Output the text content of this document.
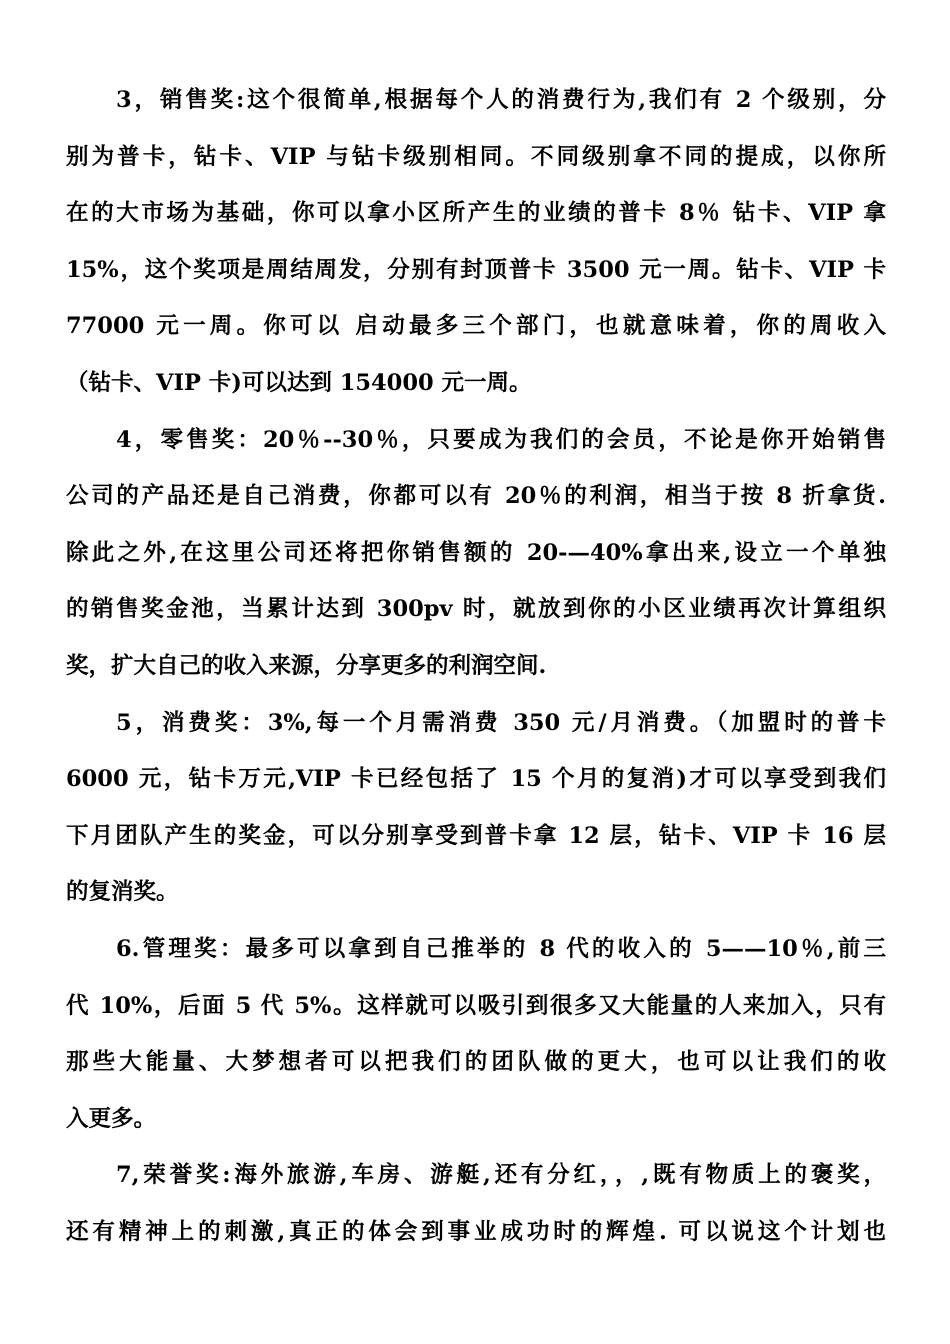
3，销售奖:这个很简单,根据每个人的消费行为,我们有 2 个级别，分
别为普卡，钻卡、VIP 与钻卡级别相同。不同级别拿不同的提成，以你所
在的大市场为基础，你可以拿小区所产生的业绩的普卡 8％ 钻卡、VIP 拿
15%，这个奖项是周结周发，分别有封顶普卡 3500 元一周。钻卡、VIP 卡
77000 元一周。你可以 启动最多三个部门，也就意味着，你的周收入
（钻卡、VIP 卡)可以达到 154000 元一周。
4，零售奖：20％--30％，只要成为我们的会员，不论是你开始销售
公司的产品还是自己消费，你都可以有 20％的利润，相当于按 8 折拿货.
除此之外,在这里公司还将把你销售额的 20-—40%拿出来,设立一个单独
的销售奖金池，当累计达到 300pv 时，就放到你的小区业绩再次计算组织
奖，扩大自己的收入来源，分享更多的利润空间.
5，消费奖：3%,每一个月需消费 350 元/月消费。（加盟时的普卡
6000 元，钻卡万元,VIP 卡已经包括了 15 个月的复消)才可以享受到我们
下月团队产生的奖金，可以分别享受到普卡拿 12 层，钻卡、VIP 卡 16 层
的复消奖。
6.管理奖：最多可以拿到自己推举的 8 代的收入的 5——10％,前三
代 10%，后面 5 代 5%。这样就可以吸引到很多又大能量的人来加入，只有
那些大能量、大梦想者可以把我们的团队做的更大，也可以让我们的收
入更多。
7,荣誉奖:海外旅游,车房、游艇,还有分红，，,既有物质上的褒奖，
还有精神上的刺激,真正的体会到事业成功时的辉煌. 可以说这个计划也
